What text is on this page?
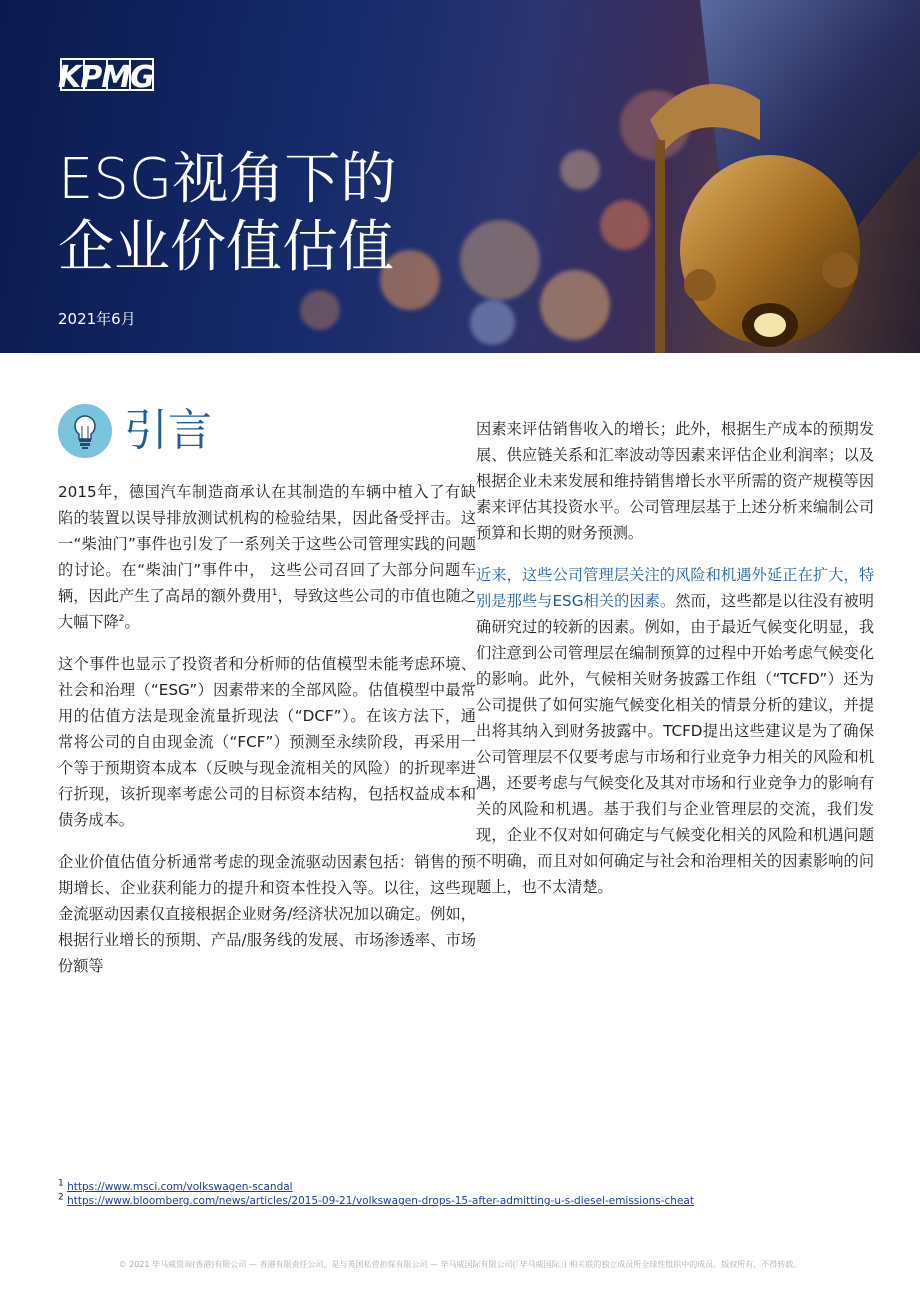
KPMG
ESG视角下的
企业价值估值
2021年6月
引言

2015年，德国汽车制造商承认在其制造的车辆中植入了有缺陷的装置以误导排放测试机构的检验结果，因此备受抨击。这一“柴油门”事件也引发了一系列关于这些公司管理实践的问题的讨论。在“柴油门”事件中， 这些公司召回了大部分问题车辆，因此产生了高昂的额外费用$^1$，导致这些公司的市值也随之大幅下降$^2$。

这个事件也显示了投资者和分析师的估值模型未能考虑环境、社会和治理（“ESG”）因素带来的全部风险。估值模型中最常用的估值方法是现金流量折现法（“DCF”）。在该方法下，通常将公司的自由现金流（“FCF”）预测至永续阶段，再采用一个等于预期资本成本（反映与现金流相关的风险）的折现率进行折现，该折现率考虑公司的目标资本结构，包括权益成本和债务成本。

企业价值估值分析通常考虑的现金流驱动因素包括：销售的预期增长、企业获利能力的提升和资本性投入等。以往，这些现金流驱动因素仅直接根据企业财务/经济状况加以确定。例如，根据行业增长的预期、产品/服务线的发展、市场渗透率、市场份额等

因素来评估销售收入的增长；此外，根据生产成本的预期发展、供应链关系和汇率波动等因素来评估企业利润率；以及根据企业未来发展和维持销售增长水平所需的资产规模等因素来评估其投资水平。公司管理层基于上述分析来编制公司预算和长期的财务预测。

近来，这些公司管理层关注的风险和机遇外延正在扩大，特别是那些与ESG相关的因素。然而，这些都是以往没有被明确研究过的较新的因素。例如，由于最近气候变化明显，我们注意到公司管理层在编制预算的过程中开始考虑气候变化的影响。此外，气候相关财务披露工作组（“TCFD”）还为公司提供了如何实施气候变化相关的情景分析的建议，并提出将其纳入到财务披露中。TCFD提出这些建议是为了确保公司管理层不仅要考虑与市场和行业竞争力相关的风险和机遇，还要考虑与气候变化及其对市场和行业竞争力的影响有关的风险和机遇。基于我们与企业管理层的交流，我们发现，企业不仅对如何确定与气候变化相关的风险和机遇问题不明确，而且对如何确定与社会和治理相关的因素影响的问题上，也不太清楚。

$^1$ https://www.msci.com/volkswagen-scandal
$^2$ https://www.bloomberg.com/news/articles/2015-09-21/volkswagen-drops-15-after-admitting-u-s-diesel-emissions-cheat
© 2021 毕马威资询(香港)有限公司 — 香港有限责任公司，是与英国私营担保有限公司 — 毕马威国际有限公司(「毕马威国际」) 相关联的独立成员所全球性组织中的成员。版权所有，不得转载。
